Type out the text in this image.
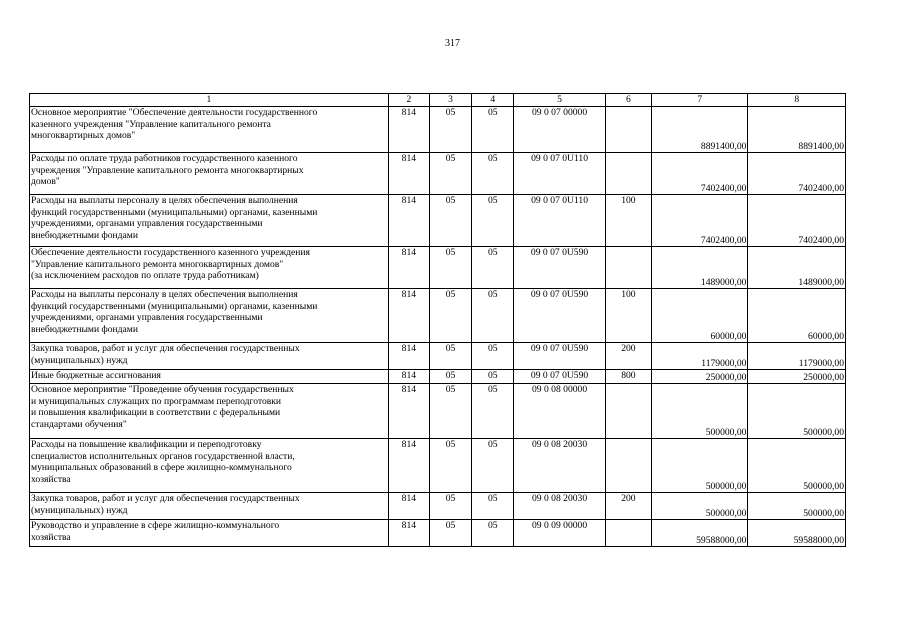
317
1	2	3	4	5	6	7	8
Основное мероприятие "Обеспечение деятельности государственного
казенного учреждения "Управление капитального ремонта
многоквартирных домов"	814	05	05	09 0 07 00000		8891400,00	8891400,00
Расходы по оплате труда работников государственного казенного
учреждения "Управление капитального ремонта многоквартирных
домов"	814	05	05	09 0 07 0U110		7402400,00	7402400,00
Расходы на выплаты персоналу в целях обеспечения выполнения
функций государственными (муниципальными) органами, казенными
учреждениями, органами управления государственными
внебюджетными фондами	814	05	05	09 0 07 0U110	100	7402400,00	7402400,00
Обеспечение деятельности государственного казенного учреждения
"Управление капитального ремонта многоквартирных домов"
(за исключением расходов по оплате труда работникам)	814	05	05	09 0 07 0U590		1489000,00	1489000,00
Расходы на выплаты персоналу в целях обеспечения выполнения
функций государственными (муниципальными) органами, казенными
учреждениями, органами управления государственными
внебюджетными фондами	814	05	05	09 0 07 0U590	100	60000,00	60000,00
Закупка товаров, работ и услуг для обеспечения государственных
(муниципальных) нужд	814	05	05	09 0 07 0U590	200	1179000,00	1179000,00
Иные бюджетные ассигнования	814	05	05	09 0 07 0U590	800	250000,00	250000,00
Основное мероприятие "Проведение обучения государственных
и муниципальных служащих по программам переподготовки
и повышения квалификации в соответствии с федеральными
стандартами обучения"	814	05	05	09 0 08 00000		500000,00	500000,00
Расходы на повышение квалификации и переподготовку
специалистов исполнительных органов государственной власти,
муниципальных образований в сфере жилищно-коммунального
хозяйства	814	05	05	09 0 08 20030		500000,00	500000,00
Закупка товаров, работ и услуг для обеспечения государственных
(муниципальных) нужд	814	05	05	09 0 08 20030	200	500000,00	500000,00
Руководство и управление в сфере жилищно-коммунального
хозяйства	814	05	05	09 0 09 00000		59588000,00	59588000,00
